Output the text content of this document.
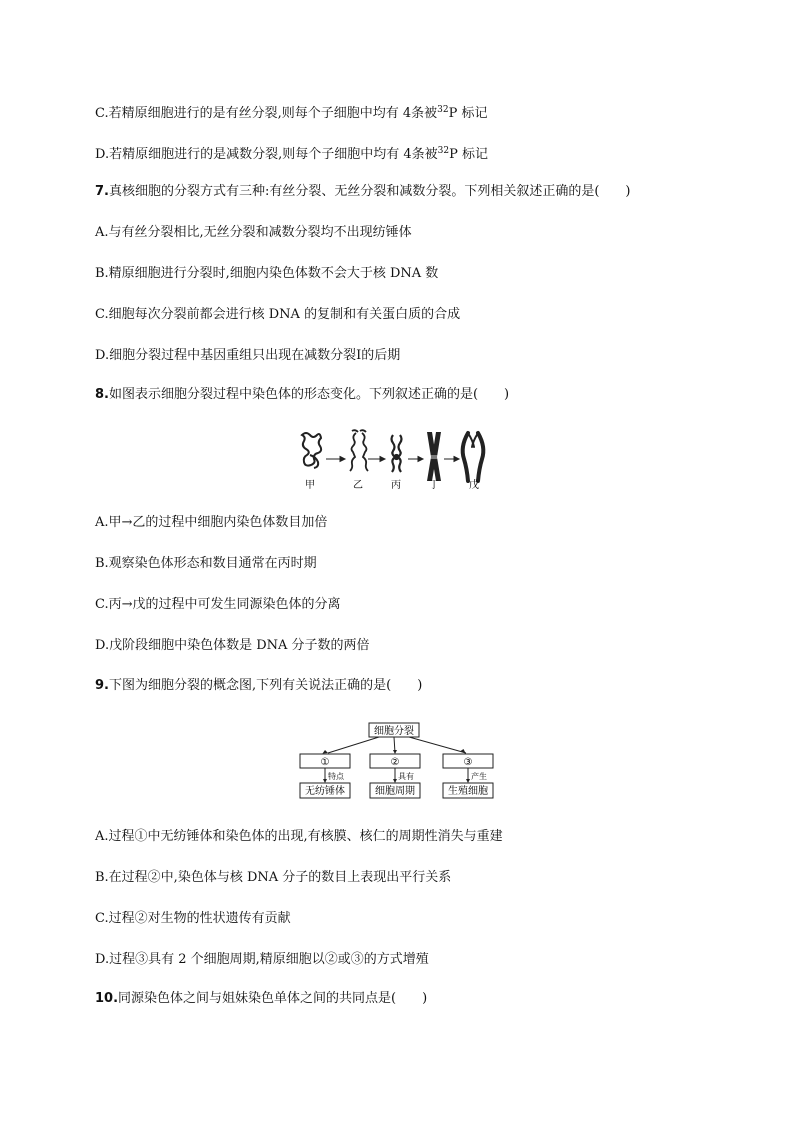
C.若精原细胞进行的是有丝分裂,则每个子细胞中均有 4条被$^{32}$P 标记
D.若精原细胞进行的是减数分裂,则每个子细胞中均有 4条被$^{32}$P 标记
7.真核细胞的分裂方式有三种:有丝分裂、无丝分裂和减数分裂。下列相关叙述正确的是(　　)
A.与有丝分裂相比,无丝分裂和减数分裂均不出现纺锤体
B.精原细胞进行分裂时,细胞内染色体数不会大于核 DNA 数
C.细胞每次分裂前都会进行核 DNA 的复制和有关蛋白质的合成
D.细胞分裂过程中基因重组只出现在减数分裂Ⅰ的后期
8.如图表示细胞分裂过程中染色体的形态变化。下列叙述正确的是(　　)
甲	乙	丙	丁	戊
A.甲→乙的过程中细胞内染色体数目加倍
B.观察染色体形态和数目通常在丙时期
C.丙→戊的过程中可发生同源染色体的分离
D.戊阶段细胞中染色体数是 DNA 分子数的两倍
9.下图为细胞分裂的概念图,下列有关说法正确的是(　　)
细胞分裂
①	②	③
特点	具有	产生
无纺锤体	细胞周期	生殖细胞
A.过程①中无纺锤体和染色体的出现,有核膜、核仁的周期性消失与重建
B.在过程②中,染色体与核 DNA 分子的数目上表现出平行关系
C.过程②对生物的性状遗传有贡献
D.过程③具有 2 个细胞周期,精原细胞以②或③的方式增殖
10.同源染色体之间与姐妹染色单体之间的共同点是(　　)
